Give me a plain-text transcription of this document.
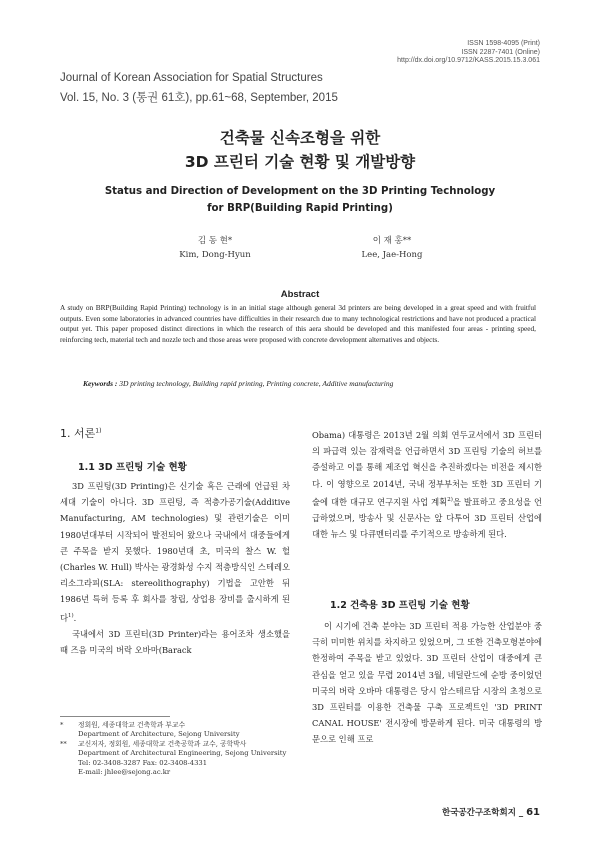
ISSN 1598-4095 (Print)
ISSN 2287-7401 (Online)
http://dx.doi.org/10.9712/KASS.2015.15.3.061
Journal of Korean Association for Spatial Structures
Vol. 15, No. 3 (통권 61호), pp.61~68, September, 2015
건축물 신속조형을 위한
3D 프린터 기술 현황 및 개발방향
Status and Direction of Development on the 3D Printing Technology
for BRP(Building Rapid Printing)
김 동 현*
Kim, Dong-Hyun
이 재 홍**
Lee, Jae-Hong
Abstract
A study on BRP(Building Rapid Printing) technology is in an initial stage although general 3d printers are being developed in a great speed and with fruitful outputs. Even some laboratories in advanced countries have difficulties in their research due to many technological restrictions and have not produced a practical output yet. This paper proposed distinct directions in which the research of this aera should be developed and this manifested four areas - printing speed, reinforcing tech, material tech and nozzle tech and those areas were proposed with concrete development alternatives and objects.
Keywords : 3D printing technology, Building rapid printing, Printing concrete, Additive manufacturing
1. 서론$^{1)}$
1.1 3D 프린팅 기술 현황

3D 프린팅(3D Printing)은 신기술 혹은 근래에 언급된 차세대 기술이 아니다. 3D 프린팅, 즉 적층가공기술(Additive Manufacturing, AM technologies) 및 관련기술은 이미 1980년대부터 시작되어 발전되어 왔으나 국내에서 대중들에게 큰 주목을 받지 못했다. 1980년대 초, 미국의 찰스 W. 헐(Charles W. Hull) 박사는 광경화성 수지 적층방식인 스테레오리소그라피(SLA: stereolithography) 기법을 고안한 뒤 1986년 특허 등록 후 회사를 창립, 상업용 장비를 출시하게 된다$^{1)}$.

국내에서 3D 프린터(3D Printer)라는 용어조차 생소했을 때 즈음 미국의 버락 오바마(Barack

*	정회원, 세종대학교 건축학과 부교수
Department of Architecture, Sejong University
**	교신저자, 정회원, 세종대학교 건축공학과 교수, 공학박사
Department of Architectural Engineering, Sejong University
Tel: 02-3408-3287 Fax: 02-3408-4331
E-mail: jhlee@sejong.ac.kr

Obama) 대통령은 2013년 2월 의회 연두교서에서 3D 프린터의 파급력 있는 잠재력을 언급하면서 3D 프린팅 기술의 허브를 증설하고 이를 통해 제조업 혁신을 추진하겠다는 비전을 제시한다. 이 영향으로 2014년, 국내 정부부처는 또한 3D 프린터 기술에 대한 대규모 연구지원 사업 계획$^{2)}$을 발표하고 중요성을 언급하였으며, 방송사 및 신문사는 앞 다투어 3D 프린터 산업에 대한 뉴스 및 다큐멘터리를 주기적으로 방송하게 된다.

1.2 건축용 3D 프린팅 기술 현황

이 시기에 건축 분야는 3D 프린터 적용 가능한 산업분야 중 극히 미미한 위치를 차지하고 있었으며, 그 또한 건축모형분야에 한정하여 주목을 받고 있었다. 3D 프린터 산업이 대중에게 큰 관심을 얻고 있을 무렵 2014년 3월, 네덜란드에 순방 중이었던 미국의 버락 오바마 대통령은 당시 암스테르담 시장의 초청으로 3D 프린터를 이용한 건축물 구축 프로젝트인 '3D PRINT CANAL HOUSE' 전시장에 방문하게 된다. 미국 대통령의 방문으로 인해 프로

한국공간구조학회지 _ 61
